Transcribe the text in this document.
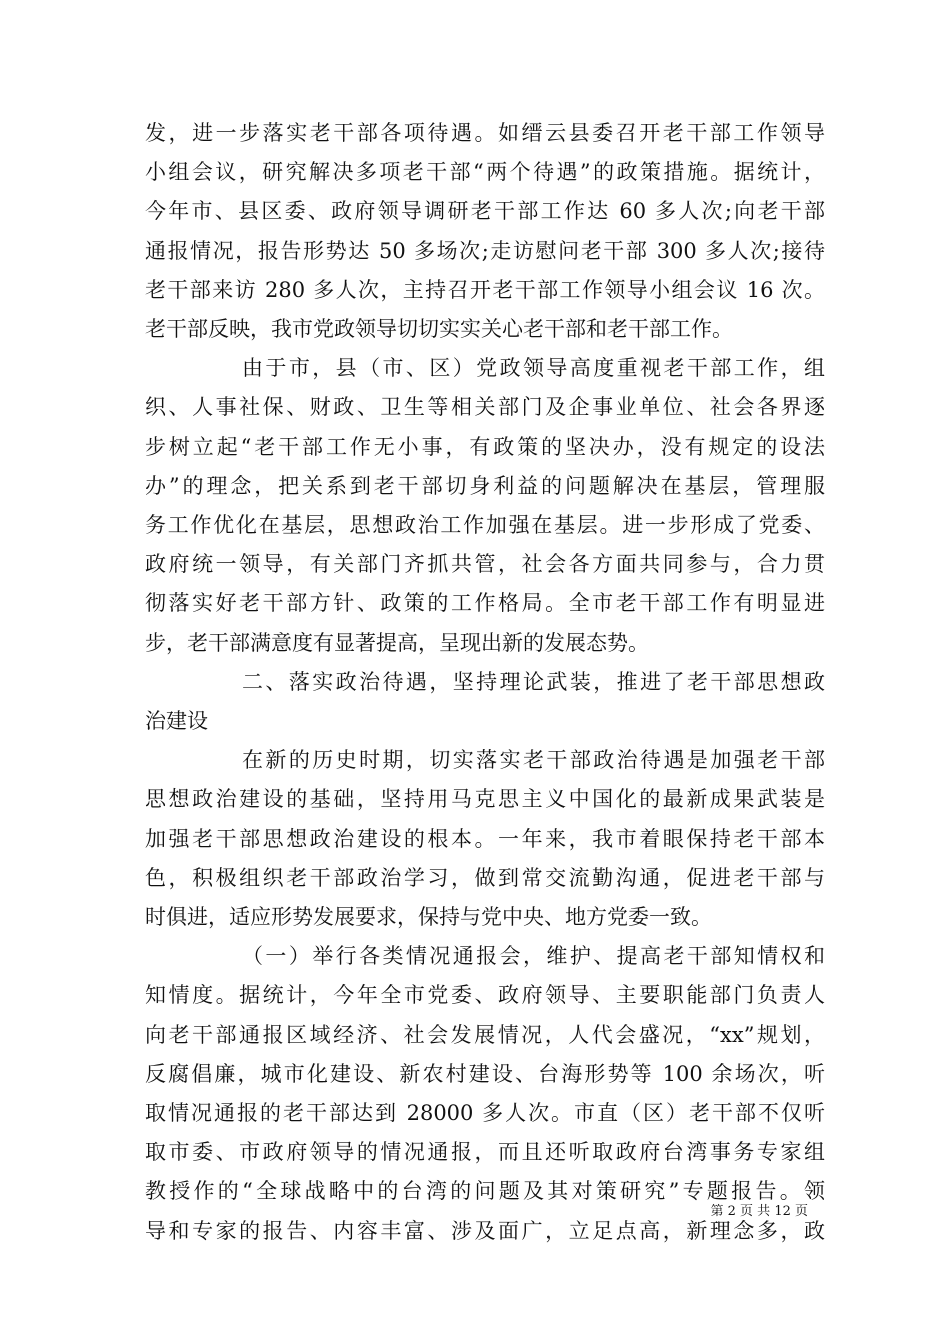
发，进一步落实老干部各项待遇。如缙云县委召开老干部工作领导
小组会议，研究解决多项老干部“两个待遇”的政策措施。据统计，
今年市、县区委、政府领导调研老干部工作达 60 多人次;向老干部
通报情况，报告形势达 50 多场次;走访慰问老干部 300 多人次;接待
老干部来访 280 多人次，主持召开老干部工作领导小组会议 16 次。
老干部反映，我市党政领导切切实实关心老干部和老干部工作。
由于市，县（市、区）党政领导高度重视老干部工作，组
织、人事社保、财政、卫生等相关部门及企事业单位、社会各界逐
步树立起“老干部工作无小事，有政策的坚决办，没有规定的设法
办”的理念，把关系到老干部切身利益的问题解决在基层，管理服
务工作优化在基层，思想政治工作加强在基层。进一步形成了党委、
政府统一领导，有关部门齐抓共管，社会各方面共同参与，合力贯
彻落实好老干部方针、政策的工作格局。全市老干部工作有明显进
步，老干部满意度有显著提高，呈现出新的发展态势。
二、落实政治待遇，坚持理论武装，推进了老干部思想政
治建设
在新的历史时期，切实落实老干部政治待遇是加强老干部
思想政治建设的基础，坚持用马克思主义中国化的最新成果武装是
加强老干部思想政治建设的根本。一年来，我市着眼保持老干部本
色，积极组织老干部政治学习，做到常交流勤沟通，促进老干部与
时俱进，适应形势发展要求，保持与党中央、地方党委一致。
（一）举行各类情况通报会，维护、提高老干部知情权和
知情度。据统计，今年全市党委、政府领导、主要职能部门负责人
向老干部通报区域经济、社会发展情况，人代会盛况，“xx”规划，
反腐倡廉，城市化建设、新农村建设、台海形势等 100 余场次，听
取情况通报的老干部达到 28000 多人次。市直（区）老干部不仅听
取市委、市政府领导的情况通报，而且还听取政府台湾事务专家组
教授作的“全球战略中的台湾的问题及其对策研究”专题报告。领
导和专家的报告、内容丰富、涉及面广，立足点高，新理念多，政
第 2 页 共 12 页
